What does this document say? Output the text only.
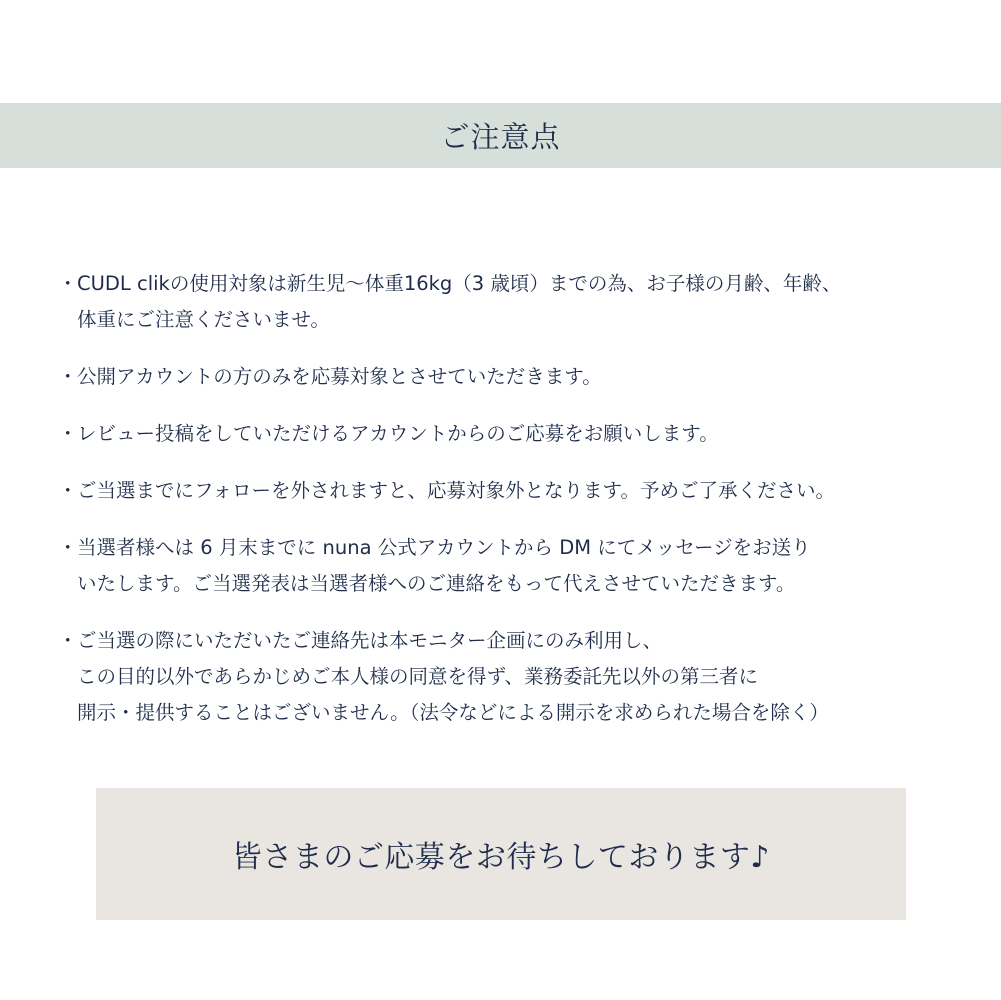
ご注意点
・ CUDL clikの使用対象は新生児〜体重16kg（3 歳頃）までの為、お子様の月齢、年齢、
体重にご注意くださいませ。
・ 公開アカウントの方のみを応募対象とさせていただきます。
・ レビュー投稿をしていただけるアカウントからのご応募をお願いします。
・ ご当選までにフォローを外されますと、応募対象外となります。予めご了承ください。
・ 当選者様へは 6 月末までに nuna 公式アカウントから DM にてメッセージをお送り
いたします。ご当選発表は当選者様へのご連絡をもって代えさせていただきます。
・ ご当選の際にいただいたご連絡先は本モニター企画にのみ利用し、
この目的以外であらかじめご本人様の同意を得ず、業務委託先以外の第三者に
開示・提供することはございません。（法令などによる開示を求められた場合を除く）
皆さまのご応募をお待ちしております♪
